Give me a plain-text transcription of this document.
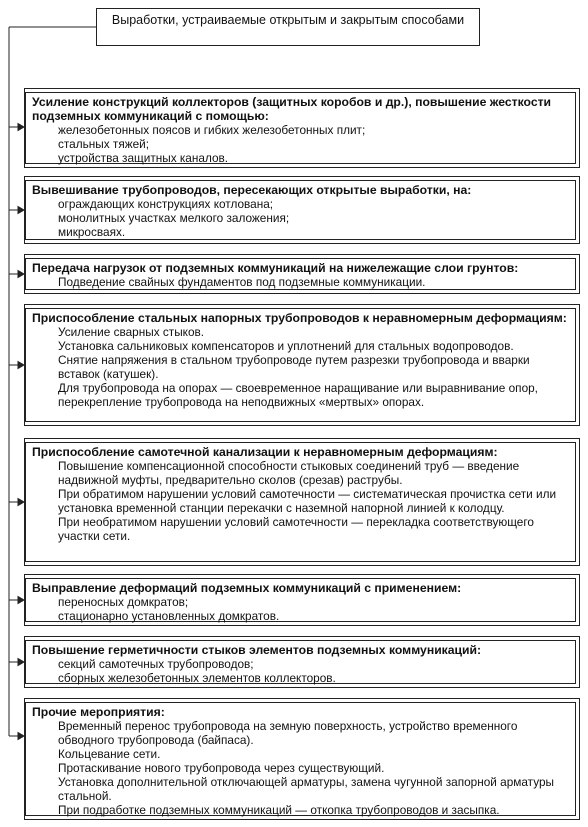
Выработки, устраиваемые открытым и закрытым способами
Усиление конструкций коллекторов (защитных коробов и др.), повышение жесткости подземных коммуникаций с помощью:
железобетонных поясов и гибких железобетонных плит;
стальных тяжей;
устройства защитных каналов.
Вывешивание трубопроводов, пересекающих открытые выработки, на:
ограждающих конструкциях котлована;
монолитных участках мелкого заложения;
микросваях.
Передача нагрузок от подземных коммуникаций на нижележащие слои грунтов:
Подведение свайных фундаментов под подземные коммуникации.
Приспособление стальных напорных трубопроводов к неравномерным деформациям:
Усиление сварных стыков.
Установка сальниковых компенсаторов и уплотнений для стальных водопроводов.
Снятие напряжения в стальном трубопроводе путем разрезки трубопровода и вварки вставок (катушек).
Для трубопровода на опорах — своевременное наращивание или выравнивание опор, перекрепление трубопровода на неподвижных «мертвых» опорах.
Приспособление самотечной канализации к неравномерным деформациям:
Повышение компенсационной способности стыковых соединений труб — введение надвижной муфты, предварительно сколов (срезав) раструбы.
При обратимом нарушении условий самотечности — систематическая прочистка сети или установка временной станции перекачки с наземной напорной линией к колодцу.
При необратимом нарушении условий самотечности — перекладка соответствующего участки сети.
Выправление деформаций подземных коммуникаций с применением:
переносных домкратов;
стационарно установленных домкратов.
Повышение герметичности стыков элементов подземных коммуникаций:
секций самотечных трубопроводов;
сборных железобетонных элементов коллекторов.
Прочие мероприятия:
Временный перенос трубопровода на земную поверхность, устройство временного обводного трубопровода (байпаса).
Кольцевание сети.
Протаскивание нового трубопровода через существующий.
Установка дополнительной отключающей арматуры, замена чугунной запорной арматуры стальной.
При подработке подземных коммуникаций — откопка трубопроводов и засыпка.
